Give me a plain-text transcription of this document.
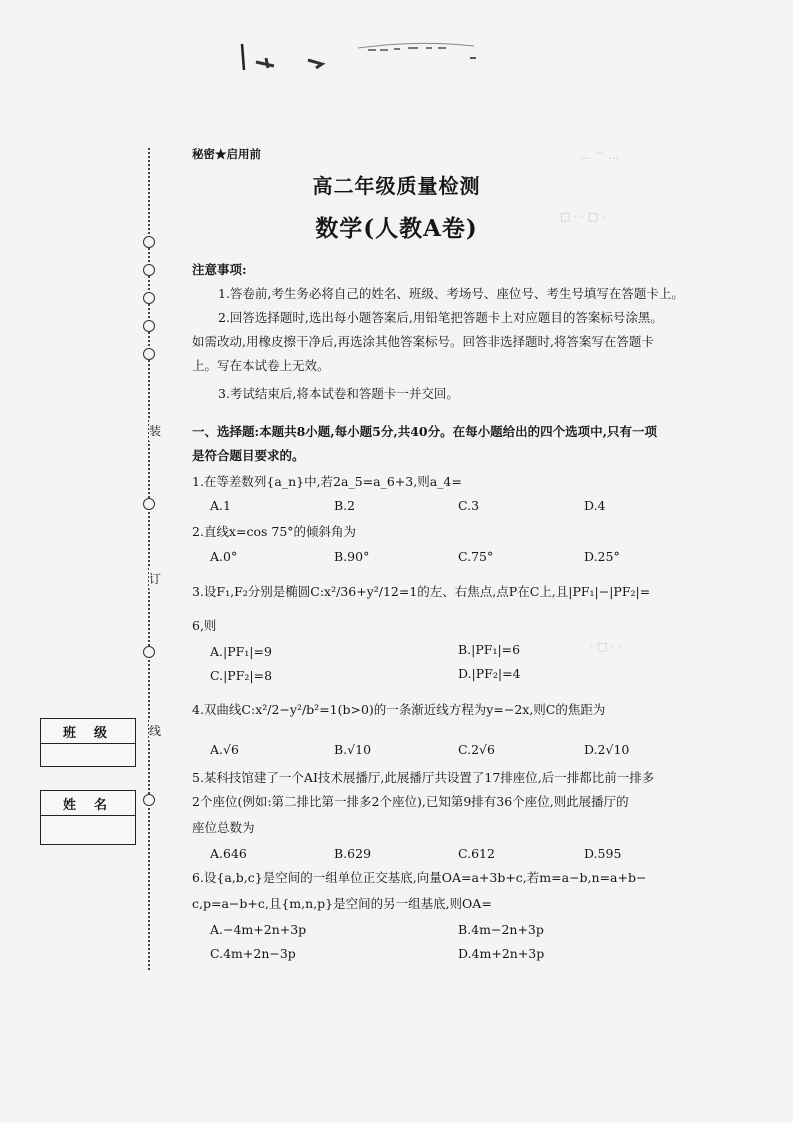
装
订
线
班级
姓名
··· ⌒ ···
□ · · □ ·
· □ · ·
秘密★启用前
高二年级质量检测
数学(人教A卷)
注意事项:
1.答卷前,考生务必将自己的姓名、班级、考场号、座位号、考生号填写在答题卡上。
2.回答选择题时,选出每小题答案后,用铅笔把答题卡上对应题目的答案标号涂黑。
如需改动,用橡皮擦干净后,再选涂其他答案标号。回答非选择题时,将答案写在答题卡
上。写在本试卷上无效。
3.考试结束后,将本试卷和答题卡一并交回。
一、选择题:本题共8小题,每小题5分,共40分。在每小题给出的四个选项中,只有一项
是符合题目要求的。
1.在等差数列{a_n}中,若2a_5=a_6+3,则a_4=
A.1	B.2	C.3	D.4
2.直线x=cos 75°的倾斜角为
A.0°	B.90°	C.75°	D.25°
3.设F₁,F₂分别是椭圆C:x²/36+y²/12=1的左、右焦点,点P在C上,且|PF₁|−|PF₂|=
6,则
A.|PF₁|=9	B.|PF₁|=6
C.|PF₂|=8	D.|PF₂|=4
4.双曲线C:x²/2−y²/b²=1(b>0)的一条渐近线方程为y=−2x,则C的焦距为
A.√6	B.√10	C.2√6	D.2√10
5.某科技馆建了一个AI技术展播厅,此展播厅共设置了17排座位,后一排都比前一排多
2个座位(例如:第二排比第一排多2个座位),已知第9排有36个座位,则此展播厅的
座位总数为
A.646	B.629	C.612	D.595
6.设{a,b,c}是空间的一组单位正交基底,向量OA=a+3b+c,若m=a−b,n=a+b−
c,p=a−b+c,且{m,n,p}是空间的另一组基底,则OA=
A.−4m+2n+3p	B.4m−2n+3p
C.4m+2n−3p	D.4m+2n+3p
